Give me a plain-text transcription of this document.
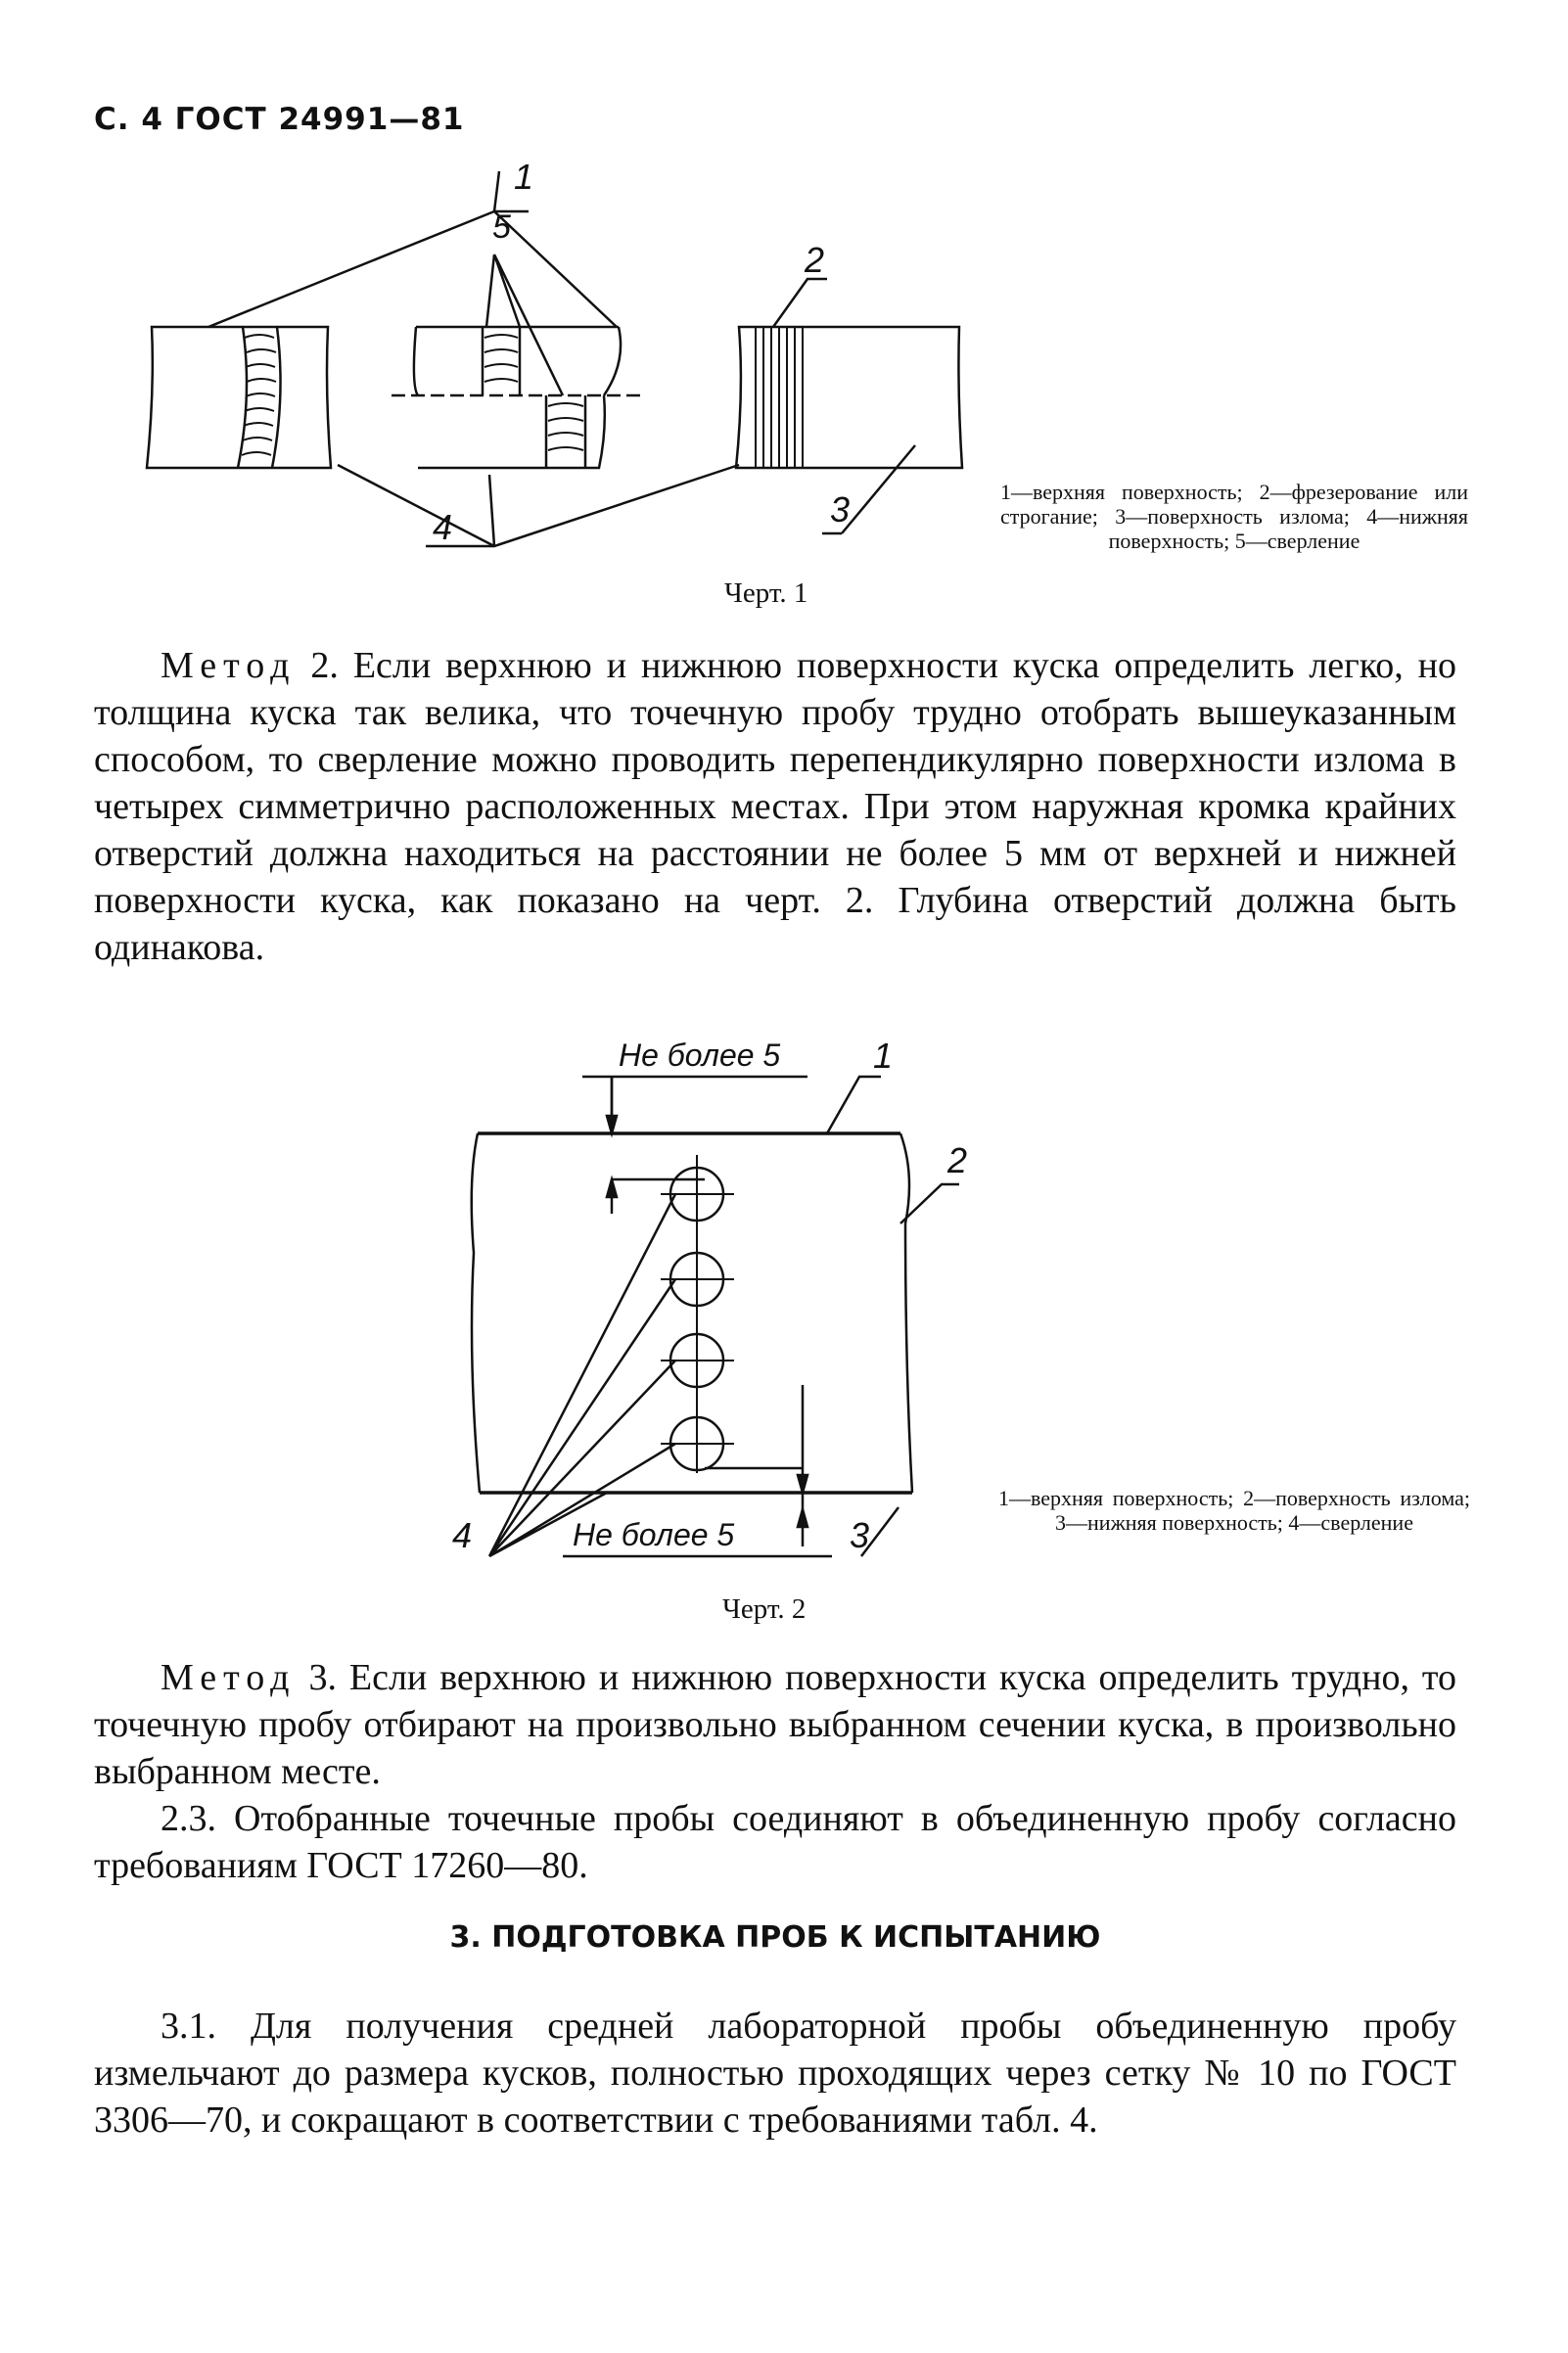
С. 4 ГОСТ 24991—81
1
5
2
3
4
Черт. 1
1—верхняя поверхность; 2—фрезерование или строгание; 3—поверхность излома; 4—нижняя поверхность; 5—сверление
Метод 2. Если верхнюю и нижнюю поверхности куска определить легко, но толщина куска так велика, что точечную пробу трудно отобрать вышеуказанным способом, то сверление можно проводить перепендикулярно поверхности излома в четырех симметрично расположенных местах. При этом наружная кромка крайних отверстий должна находиться на расстоянии не более 5 мм от верхней и нижней поверхности куска, как показано на черт. 2. Глубина отверстий должна быть одинакова.
Не более 5
Не более 5
1
2
3
4
Черт. 2
1—верхняя поверхность; 2—поверхность излома; 3—нижняя поверхность; 4—сверление
Метод 3. Если верхнюю и нижнюю поверхности куска определить трудно, то точечную пробу отбирают на произвольно выбранном сечении куска, в произвольно выбранном месте.
2.3. Отобранные точечные пробы соединяют в объединенную пробу согласно требованиям ГОСТ 17260—80.
3. ПОДГОТОВКА ПРОБ К ИСПЫТАНИЮ
3.1. Для получения средней лабораторной пробы объединенную пробу измельчают до размера кусков, полностью проходящих через сетку № 10 по ГОСТ 3306—70, и сокращают в соответствии с требованиями табл. 4.
